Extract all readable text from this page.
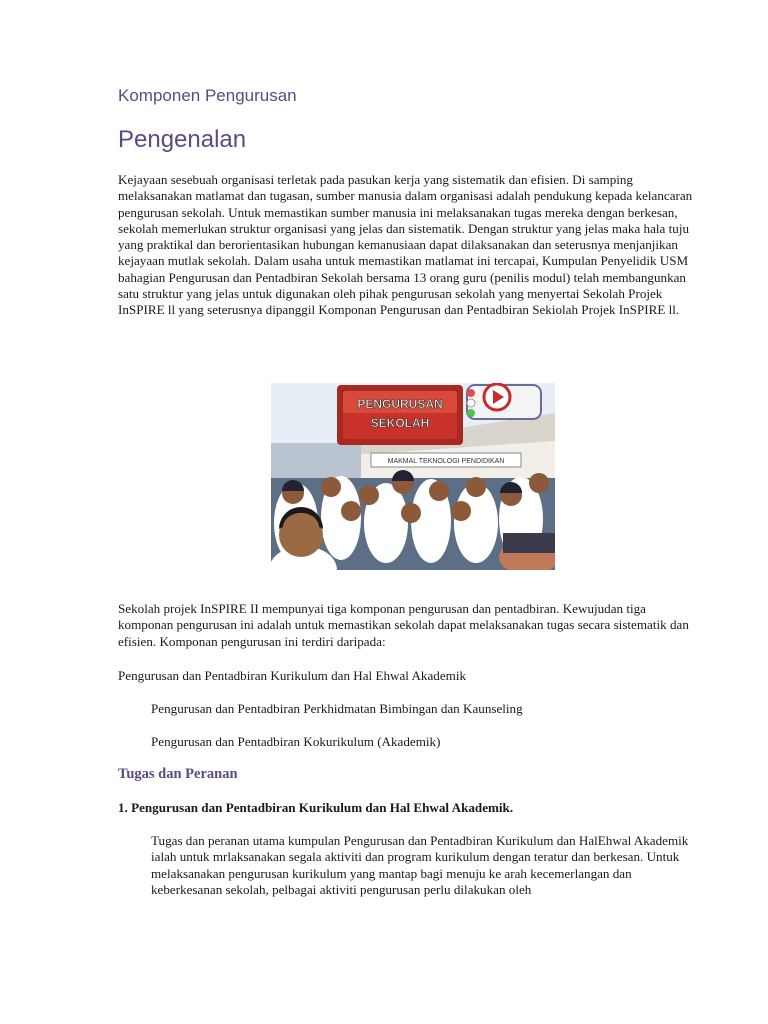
Komponen Pengurusan
Pengenalan

Kejayaan sesebuah organisasi terletak pada pasukan kerja yang sistematik dan efisien. Di samping melaksanakan matlamat dan tugasan, sumber manusia dalam organisasi adalah pendukung kepada kelancaran pengurusan sekolah. Untuk memastikan sumber manusia ini melaksanakan tugas mereka dengan berkesan, sekolah memerlukan struktur organisasi yang jelas dan sistematik. Dengan struktur yang jelas maka hala tuju yang praktikal dan berorientasikan hubungan kemanusiaan dapat dilaksanakan dan seterusnya menjanjikan kejayaan mutlak sekolah. Dalam usaha untuk memastikan matlamat ini tercapai, Kumpulan Penyelidik USM bahagian Pengurusan dan Pentadbiran Sekolah bersama 13 orang guru (penilis modul) telah membangunkan satu struktur yang jelas untuk digunakan oleh pihak pengurusan sekolah yang menyertai Sekolah Projek InSPIRE ll yang seterusnya dipanggil Komponan Pengurusan dan Pentadbiran Sekiolah Projek InSPIRE ll.

MAKMAL TEKNOLOGI PENDIDIKAN
PENGURUSAN
SEKOLAH

Sekolah projek InSPIRE II mempunyai tiga komponan pengurusan dan pentadbiran. Kewujudan tiga komponan pengurusan ini adalah untuk memastikan sekolah dapat melaksanakan tugas secara sistematik dan efisien. Komponan pengurusan ini terdiri daripada:

Pengurusan dan Pentadbiran Kurikulum dan Hal Ehwal Akademik

Pengurusan dan Pentadbiran Perkhidmatan Bimbingan dan Kaunseling

Pengurusan dan Pentadbiran Kokurikulum (Akademik)

Tugas dan Peranan

1. Pengurusan dan Pentadbiran Kurikulum dan Hal Ehwal Akademik.

Tugas dan peranan utama kumpulan Pengurusan dan Pentadbiran Kurikulum dan HalEhwal Akademik ialah untuk mrlaksanakan segala aktiviti dan program kurikulum dengan teratur dan berkesan. Untuk melaksanakan pengurusan kurikulum yang mantap bagi menuju ke arah kecemerlangan dan keberkesanan sekolah, pelbagai aktiviti pengurusan perlu dilakukan oleh
